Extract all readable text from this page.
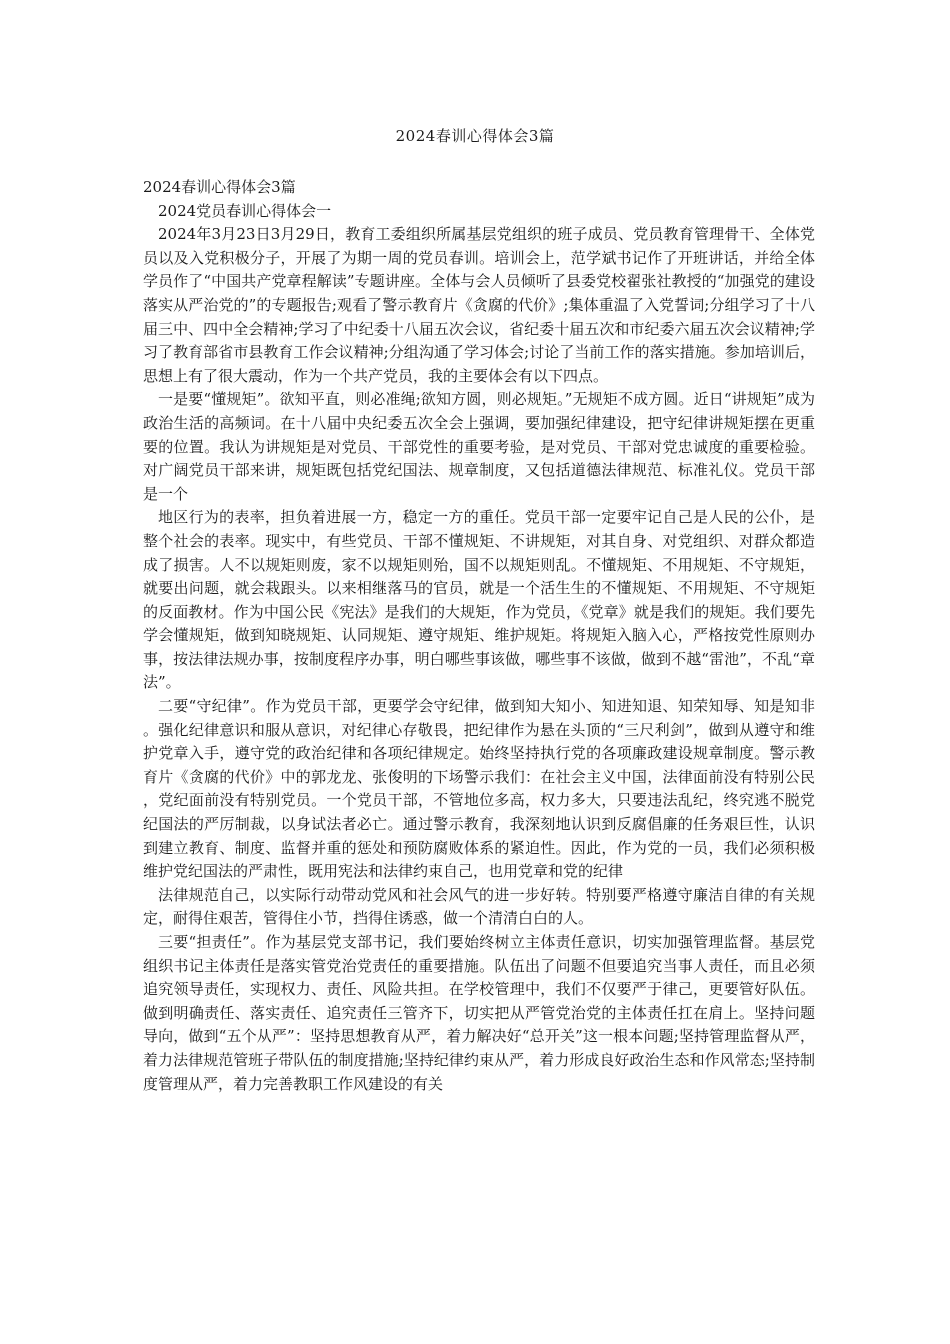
2024春训心得体会3篇

2024春训心得体会3篇

2024党员春训心得体会一

2024年3月23日3月29日，教育工委组织所属基层党组织的班子成员、党员教育管理骨干、全体党员以及入党积极分子，开展了为期一周的党员春训。培训会上，范学斌书记作了开班讲话，并给全体学员作了“中国共产党章程解读”专题讲座。全体与会人员倾听了县委党校翟张社教授的“加强党的建设落实从严治党的”的专题报告;观看了警示教育片《贪腐的代价》;集体重温了入党誓词;分组学习了十八届三中、四中全会精神;学习了中纪委十八届五次会议，省纪委十届五次和市纪委六届五次会议精神;学习了教育部省市县教育工作会议精神;分组沟通了学习体会;讨论了当前工作的落实措施。参加培训后，思想上有了很大震动，作为一个共产党员，我的主要体会有以下四点。

一是要“懂规矩”。欲知平直，则必准绳;欲知方圆，则必规矩。”无规矩不成方圆。近日“讲规矩”成为政治生活的高频词。在十八届中央纪委五次全会上强调，要加强纪律建设，把守纪律讲规矩摆在更重要的位置。我认为讲规矩是对党员、干部党性的重要考验，是对党员、干部对党忠诚度的重要检验。对广阔党员干部来讲，规矩既包括党纪国法、规章制度，又包括道德法律规范、标准礼仪。党员干部是一个

地区行为的表率，担负着进展一方，稳定一方的重任。党员干部一定要牢记自己是人民的公仆，是整个社会的表率。现实中，有些党员、干部不懂规矩、不讲规矩，对其自身、对党组织、对群众都造成了损害。人不以规矩则废，家不以规矩则殆，国不以规矩则乱。不懂规矩、不用规矩、不守规矩，就要出问题，就会栽跟头。以来相继落马的官员，就是一个活生生的不懂规矩、不用规矩、不守规矩的反面教材。作为中国公民《宪法》是我们的大规矩，作为党员，《党章》就是我们的规矩。我们要先学会懂规矩，做到知晓规矩、认同规矩、遵守规矩、维护规矩。将规矩入脑入心，严格按党性原则办事，按法律法规办事，按制度程序办事，明白哪些事该做，哪些事不该做，做到不越“雷池”，不乱“章法”。

二要“守纪律”。作为党员干部，更要学会守纪律，做到知大知小、知进知退、知荣知辱、知是知非。强化纪律意识和服从意识，对纪律心存敬畏，把纪律作为悬在头顶的“三尺利剑”，做到从遵守和维护党章入手，遵守党的政治纪律和各项纪律规定。始终坚持执行党的各项廉政建设规章制度。警示教育片《贪腐的代价》中的郭龙龙、张俊明的下场警示我们：在社会主义中国，法律面前没有特别公民，党纪面前没有特别党员。一个党员干部，不管地位多高，权力多大，只要违法乱纪，终究逃不脱党纪国法的严厉制裁，以身试法者必亡。通过警示教育，我深刻地认识到反腐倡廉的任务艰巨性，认识到建立教育、制度、监督并重的惩处和预防腐败体系的紧迫性。因此，作为党的一员，我们必须积极维护党纪国法的严肃性，既用宪法和法律约束自己，也用党章和党的纪律

法律规范自己，以实际行动带动党风和社会风气的进一步好转。特别要严格遵守廉洁自律的有关规定，耐得住艰苦，管得住小节，挡得住诱惑，做一个清清白白的人。

三要“担责任”。作为基层党支部书记，我们要始终树立主体责任意识，切实加强管理监督。基层党组织书记主体责任是落实管党治党责任的重要措施。队伍出了问题不但要追究当事人责任，而且必须追究领导责任，实现权力、责任、风险共担。在学校管理中，我们不仅要严于律己，更要管好队伍。做到明确责任、落实责任、追究责任三管齐下，切实把从严管党治党的主体责任扛在肩上。坚持问题导向，做到“五个从严”：坚持思想教育从严，着力解决好“总开关”这一根本问题;坚持管理监督从严，着力法律规范管班子带队伍的制度措施;坚持纪律约束从严，着力形成良好政治生态和作风常态;坚持制度管理从严，着力完善教职工作风建设的有关
